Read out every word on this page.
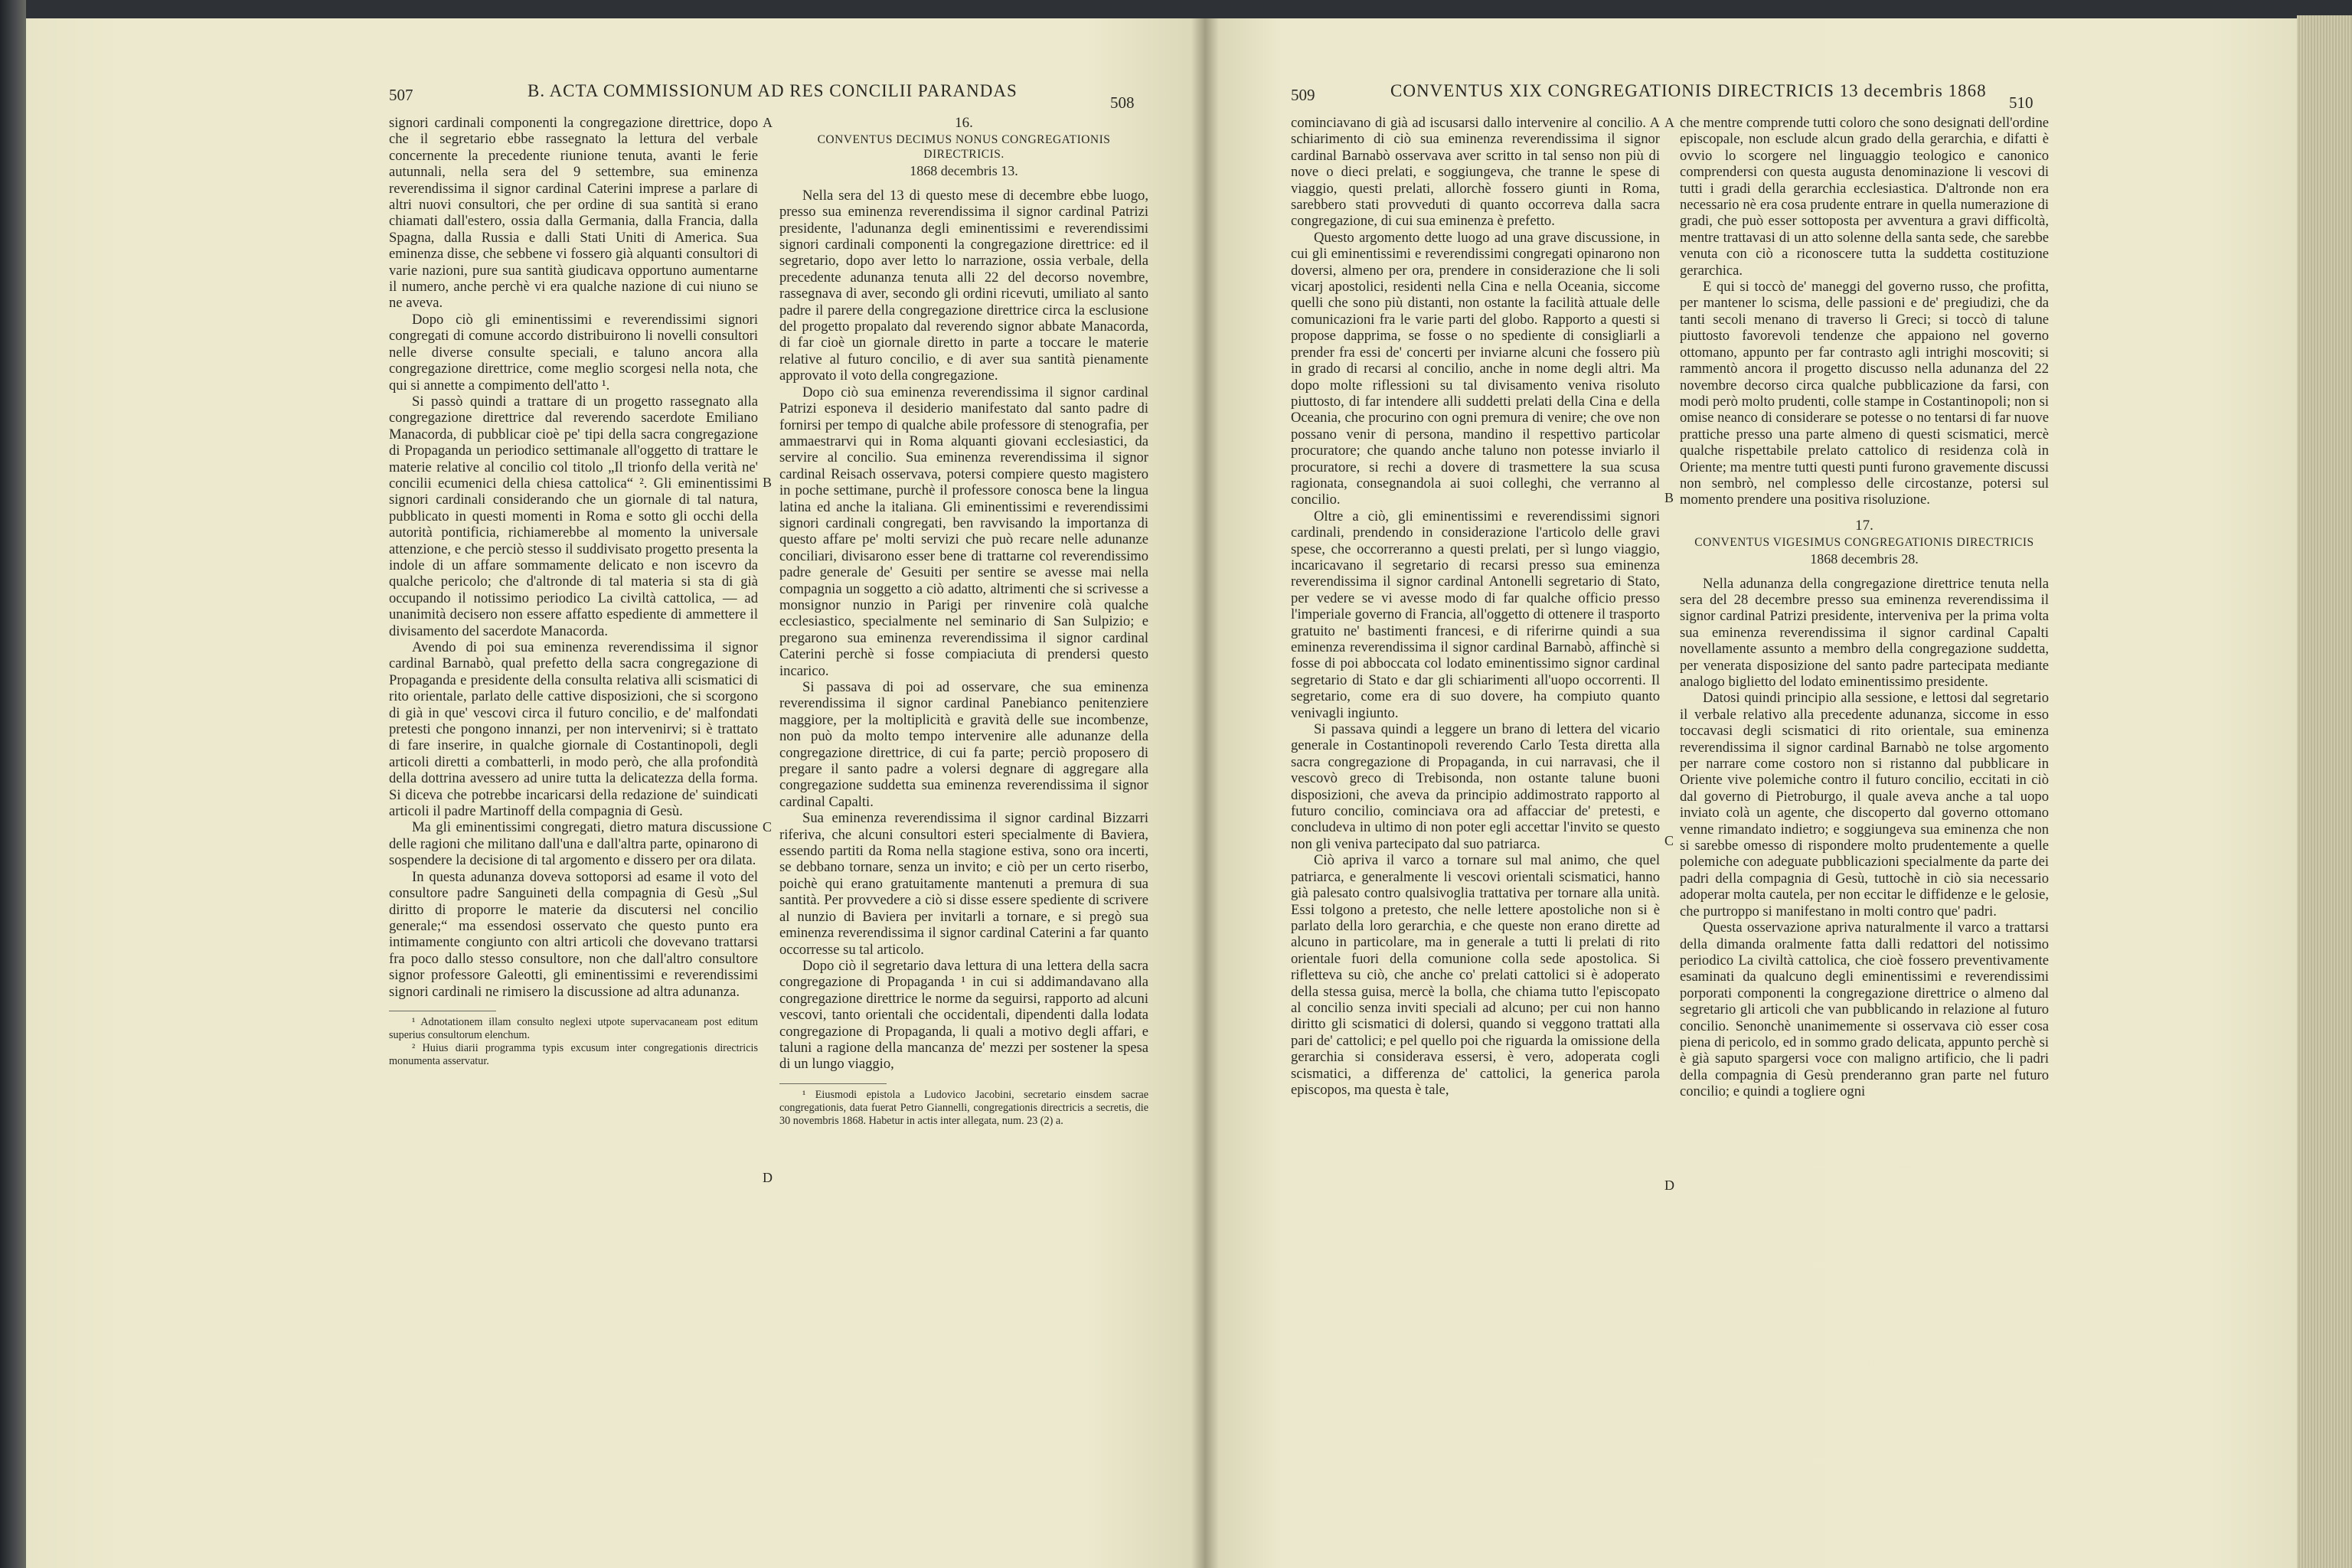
507	B. ACTA COMMISSIONUM AD RES CONCILII PARANDAS
508

signori cardinali componenti la congregazione direttrice, dopo che il segretario ebbe rassegnato la lettura del verbale concernente la precedente riunione tenuta, avanti le ferie autunnali, nella sera del 9 settembre, sua eminenza reverendissima il signor cardinal Caterini imprese a parlare di altri nuovi consultori, che per ordine di sua santità si erano chiamati dall'estero, ossia dalla Germania, dalla Francia, dalla Spagna, dalla Russia e dalli Stati Uniti di America. Sua eminenza disse, che sebbene vi fossero già alquanti consultori di varie nazioni, pure sua santità giudicava opportuno aumentarne il numero, anche perchè vi era qualche nazione di cui niuno se ne aveva.

Dopo ciò gli eminentissimi e reverendissimi signori congregati di comune accordo distribuirono li novelli consultori nelle diverse consulte speciali, e taluno ancora alla congregazione direttrice, come meglio scorgesi nella nota, che qui si annette a compimento dell'atto ¹.

Si passò quindi a trattare di un progetto rassegnato alla congregazione direttrice dal reverendo sacerdote Emiliano Manacorda, di pubblicar cioè pe' tipi della sacra congregazione di Propaganda un periodico settimanale all'oggetto di trattare le materie relative al concilio col titolo „Il trionfo della verità ne' concilii ecumenici della chiesa cattolica“ ². Gli eminentissimi signori cardinali considerando che un giornale di tal natura, pubblicato in questi momenti in Roma e sotto gli occhi della autorità pontificia, richiamerebbe al momento la universale attenzione, e che perciò stesso il suddivisato progetto presenta la indole di un affare sommamente delicato e non iscevro da qualche pericolo; che d'altronde di tal materia si sta di già occupando il notissimo periodico La civiltà cattolica, — ad unanimità decisero non essere affatto espediente di ammettere il divisamento del sacerdote Manacorda.

Avendo di poi sua eminenza reverendissima il signor cardinal Barnabò, qual prefetto della sacra congregazione di Propaganda e presidente della consulta relativa alli scismatici di rito orientale, parlato delle cattive disposizioni, che si scorgono di già in que' vescovi circa il futuro concilio, e de' malfondati pretesti che pongono innanzi, per non intervenirvi; si è trattato di fare inserire, in qualche giornale di Costantinopoli, degli articoli diretti a combatterli, in modo però, che alla profondità della dottrina avessero ad unire tutta la delicatezza della forma. Si diceva che potrebbe incaricarsi della redazione de' suindicati articoli il padre Martinoff della compagnia di Gesù.

Ma gli eminentissimi congregati, dietro matura discussione delle ragioni che militano dall'una e dall'altra parte, opinarono di sospendere la decisione di tal argomento e dissero per ora dilata.

In questa adunanza doveva sottoporsi ad esame il voto del consultore padre Sanguineti della compagnia di Gesù „Sul diritto di proporre le materie da discutersi nel concilio generale;“ ma essendosi osservato che questo punto era intimamente congiunto con altri articoli che dovevano trattarsi fra poco dallo stesso consultore, non che dall'altro consultore signor professore Galeotti, gli eminentissimi e reverendissimi signori cardinali ne rimisero la discussione ad altra adunanza.

¹ Adnotationem illam consulto neglexi utpote supervacaneam post editum superius consultorum elenchum.

² Huius diarii programma typis excusum inter congregationis directricis monumenta asservatur.

A
B
C
D
16.
CONVENTUS DECIMUS NONUS CONGREGATIONIS DIRECTRICIS.
1868 decembris 13.

Nella sera del 13 di questo mese di decembre ebbe luogo, presso sua eminenza reverendissima il signor cardinal Patrizi presidente, l'adunanza degli eminentissimi e reverendissimi signori cardinali componenti la congregazione direttrice: ed il segretario, dopo aver letto lo narrazione, ossia verbale, della precedente adunanza tenuta alli 22 del decorso novembre, rassegnava di aver, secondo gli ordini ricevuti, umiliato al santo padre il parere della congregazione direttrice circa la esclusione del progetto propalato dal reverendo signor abbate Manacorda, di far cioè un giornale diretto in parte a toccare le materie relative al futuro concilio, e di aver sua santità pienamente approvato il voto della congregazione.

Dopo ciò sua eminenza reverendissima il signor cardinal Patrizi esponeva il desiderio manifestato dal santo padre di fornirsi per tempo di qualche abile professore di stenografia, per ammaestrarvi qui in Roma alquanti giovani ecclesiastici, da servire al concilio. Sua eminenza reverendissima il signor cardinal Reisach osservava, potersi compiere questo magistero in poche settimane, purchè il professore conosca bene la lingua latina ed anche la italiana. Gli eminentissimi e reverendissimi signori cardinali congregati, ben ravvisando la importanza di questo affare pe' molti servizi che può recare nelle adunanze conciliari, divisarono esser bene di trattarne col reverendissimo padre generale de' Gesuiti per sentire se avesse mai nella compagnia un soggetto a ciò adatto, altrimenti che si scrivesse a monsignor nunzio in Parigi per rinvenire colà qualche ecclesiastico, specialmente nel seminario di San Sulpizio; e pregarono sua eminenza reverendissima il signor cardinal Caterini perchè si fosse compiaciuta di prendersi questo incarico.

Si passava di poi ad osservare, che sua eminenza reverendissima il signor cardinal Panebianco penitenziere maggiore, per la moltiplicità e gravità delle sue incombenze, non può da molto tempo intervenire alle adunanze della congregazione direttrice, di cui fa parte; perciò proposero di pregare il santo padre a volersi degnare di aggregare alla congregazione suddetta sua eminenza reverendissima il signor cardinal Capalti.

Sua eminenza reverendissima il signor cardinal Bizzarri riferiva, che alcuni consultori esteri specialmente di Baviera, essendo partiti da Roma nella stagione estiva, sono ora incerti, se debbano tornare, senza un invito; e ciò per un certo riserbo, poichè qui erano gratuitamente mantenuti a premura di sua santità. Per provvedere a ciò si disse essere spediente di scrivere al nunzio di Baviera per invitarli a tornare, e si pregò sua eminenza reverendissima il signor cardinal Caterini a far quanto occorresse su tal articolo.

Dopo ciò il segretario dava lettura di una lettera della sacra congregazione di Propaganda ¹ in cui si addimandavano alla congregazione direttrice le norme da seguirsi, rapporto ad alcuni vescovi, tanto orientali che occidentali, dipendenti dalla lodata congregazione di Propaganda, li quali a motivo degli affari, e taluni a ragione della mancanza de' mezzi per sostener la spesa di un lungo viaggio,

¹ Eiusmodi epistola a Ludovico Jacobini, secretario einsdem sacrae congregationis, data fuerat Petro Giannelli, congregationis directricis a secretis, die 30 novembris 1868. Habetur in actis inter allegata, num. 23 (2) a.

509	CONVENTUS XIX CONGREGATIONIS DIRECTRICIS 13 decembris 1868
510

cominciavano di già ad iscusarsi dallo intervenire al concilio. A schiarimento di ciò sua eminenza reverendissima il signor cardinal Barnabò osservava aver scritto in tal senso non più di nove o dieci prelati, e soggiungeva, che tranne le spese di viaggio, questi prelati, allorchè fossero giunti in Roma, sarebbero stati provveduti di quanto occorreva dalla sacra congregazione, di cui sua eminenza è prefetto.

Questo argomento dette luogo ad una grave discussione, in cui gli eminentissimi e reverendissimi congregati opinarono non doversi, almeno per ora, prendere in considerazione che li soli vicarj apostolici, residenti nella Cina e nella Oceania, siccome quelli che sono più distanti, non ostante la facilità attuale delle comunicazioni fra le varie parti del globo. Rapporto a questi si propose dapprima, se fosse o no spediente di consigliarli a prender fra essi de' concerti per inviarne alcuni che fossero più in grado di recarsi al concilio, anche in nome degli altri. Ma dopo molte riflessioni su tal divisamento veniva risoluto piuttosto, di far intendere alli suddetti prelati della Cina e della Oceania, che procurino con ogni premura di venire; che ove non possano venir di persona, mandino il respettivo particolar procuratore; che quando anche taluno non potesse inviarlo il procuratore, si rechi a dovere di trasmettere la sua scusa ragionata, consegnandola ai suoi colleghi, che verranno al concilio.

Oltre a ciò, gli eminentissimi e reverendissimi signori cardinali, prendendo in considerazione l'articolo delle gravi spese, che occorreranno a questi prelati, per sì lungo viaggio, incaricavano il segretario di recarsi presso sua eminenza reverendissima il signor cardinal Antonelli segretario di Stato, per vedere se vi avesse modo di far qualche officio presso l'imperiale governo di Francia, all'oggetto di ottenere il trasporto gratuito ne' bastimenti francesi, e di riferirne quindi a sua eminenza reverendissima il signor cardinal Barnabò, affinchè si fosse di poi abboccata col lodato eminentissimo signor cardinal segretario di Stato e dar gli schiarimenti all'uopo occorrenti. Il segretario, come era di suo dovere, ha compiuto quanto venivagli ingiunto.

Si passava quindi a leggere un brano di lettera del vicario generale in Costantinopoli reverendo Carlo Testa diretta alla sacra congregazione di Propaganda, in cui narravasi, che il vescovò greco di Trebisonda, non ostante talune buoni disposizioni, che aveva da principio addimostrato rapporto al futuro concilio, cominciava ora ad affacciar de' pretesti, e concludeva in ultimo di non poter egli accettar l'invito se questo non gli veniva partecipato dal suo patriarca.

Ciò apriva il varco a tornare sul mal animo, che quel patriarca, e generalmente li vescovi orientali scismatici, hanno già palesato contro qualsivoglia trattativa per tornare alla unità. Essi tolgono a pretesto, che nelle lettere apostoliche non si è parlato della loro gerarchia, e che queste non erano dirette ad alcuno in particolare, ma in generale a tutti li prelati di rito orientale fuori della comunione colla sede apostolica. Si rifletteva su ciò, che anche co' prelati cattolici si è adoperato della stessa guisa, mercè la bolla, che chiama tutto l'episcopato al concilio senza inviti speciali ad alcuno; per cui non hanno diritto gli scismatici di dolersi, quando si veggono trattati alla pari de' cattolici; e pel quello poi che riguarda la omissione della gerarchia si considerava essersi, è vero, adoperata cogli scismatici, a differenza de' cattolici, la generica parola episcopos, ma questa è tale,

A
B
C
D

che mentre comprende tutti coloro che sono designati dell'ordine episcopale, non esclude alcun grado della gerarchia, e difatti è ovvio lo scorgere nel linguaggio teologico e canonico comprendersi con questa augusta denominazione li vescovi di tutti i gradi della gerarchia ecclesiastica. D'altronde non era necessario nè era cosa prudente entrare in quella numerazione di gradi, che può esser sottoposta per avventura a gravi difficoltà, mentre trattavasi di un atto solenne della santa sede, che sarebbe venuta con ciò a riconoscere tutta la suddetta costituzione gerarchica.

E qui si toccò de' maneggi del governo russo, che profitta, per mantener lo scisma, delle passioni e de' pregiudizi, che da tanti secoli menano di traverso li Greci; si toccò di talune piuttosto favorevoli tendenze che appaiono nel governo ottomano, appunto per far contrasto agli intrighi moscoviti; si rammentò ancora il progetto discusso nella adunanza del 22 novembre decorso circa qualche pubblicazione da farsi, con modi però molto prudenti, colle stampe in Costantinopoli; non si omise neanco di considerare se potesse o no tentarsi di far nuove prattiche presso una parte almeno di questi scismatici, mercè qualche rispettabile prelato cattolico di residenza colà in Oriente; ma mentre tutti questi punti furono gravemente discussi non sembrò, nel complesso delle circostanze, potersi sul momento prendere una positiva risoluzione.

17.
CONVENTUS VIGESIMUS CONGREGATIONIS DIRECTRICIS
1868 decembris 28.

Nella adunanza della congregazione direttrice tenuta nella sera del 28 decembre presso sua eminenza reverendissima il signor cardinal Patrizi presidente, interveniva per la prima volta sua eminenza reverendissima il signor cardinal Capalti novellamente assunto a membro della congregazione suddetta, per venerata disposizione del santo padre partecipata mediante analogo biglietto del lodato eminentissimo presidente.

Datosi quindi principio alla sessione, e lettosi dal segretario il verbale relativo alla precedente adunanza, siccome in esso toccavasi degli scismatici di rito orientale, sua eminenza reverendissima il signor cardinal Barnabò ne tolse argomento per narrare come costoro non si ristanno dal pubblicare in Oriente vive polemiche contro il futuro concilio, eccitati in ciò dal governo di Pietroburgo, il quale aveva anche a tal uopo inviato colà un agente, che discoperto dal governo ottomano venne rimandato indietro; e soggiungeva sua eminenza che non si sarebbe omesso di rispondere molto prudentemente a quelle polemiche con adeguate pubblicazioni specialmente da parte dei padri della compagnia di Gesù, tuttochè in ciò sia necessario adoperar molta cautela, per non eccitar le diffidenze e le gelosie, che purtroppo si manifestano in molti contro que' padri.

Questa osservazione apriva naturalmente il varco a trattarsi della dimanda oralmente fatta dalli redattori del notissimo periodico La civiltà cattolica, che cioè fossero preventivamente esaminati da qualcuno degli eminentissimi e reverendissimi porporati componenti la congregazione direttrice o almeno dal segretario gli articoli che van pubblicando in relazione al futuro concilio. Senonchè unanimemente si osservava ciò esser cosa piena di pericolo, ed in sommo grado delicata, appunto perchè si è già saputo spargersi voce con maligno artificio, che li padri della compagnia di Gesù prenderanno gran parte nel futuro concilio; e quindi a togliere ogni
